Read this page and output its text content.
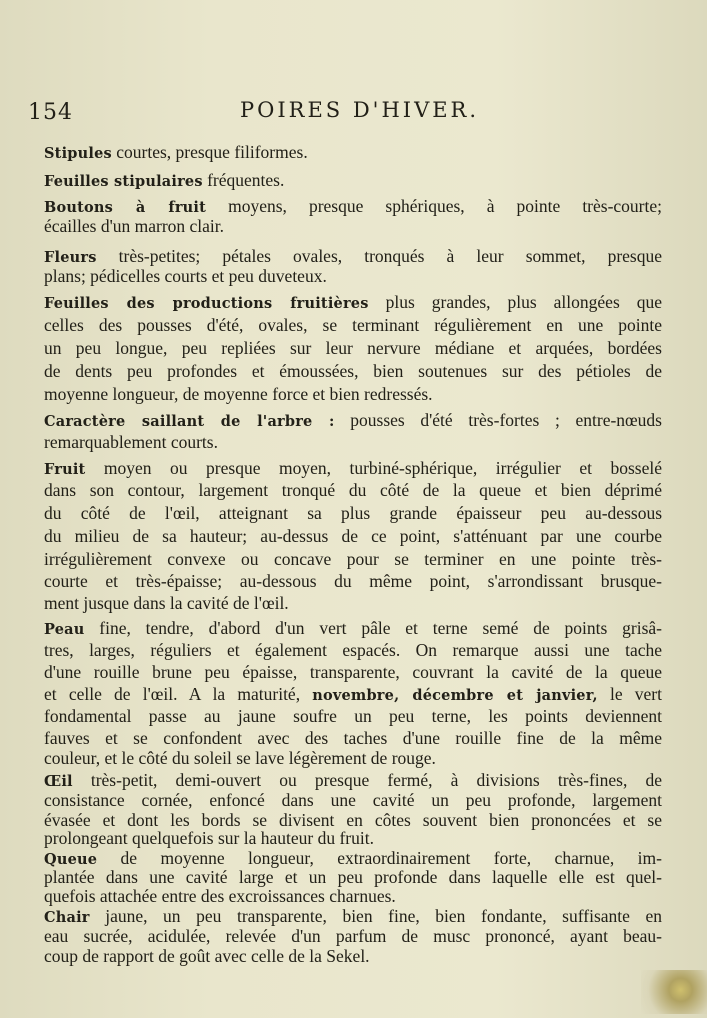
154	POIRES D'HIVER.
Stipules courtes, presque filiformes.
Feuilles stipulaires fréquentes.
Boutons à fruit moyens, presque sphériques, à pointe très-courte;
écailles d'un marron clair.
Fleurs très-petites; pétales ovales, tronqués à leur sommet, presque
plans; pédicelles courts et peu duveteux.
Feuilles des productions fruitières plus grandes, plus allongées que
celles des pousses d'été, ovales, se terminant régulièrement en une pointe
un peu longue, peu repliées sur leur nervure médiane et arquées, bordées
de dents peu profondes et émoussées, bien soutenues sur des pétioles de
moyenne longueur, de moyenne force et bien redressés.
Caractère saillant de l'arbre : pousses d'été très-fortes ; entre-nœuds
remarquablement courts.
Fruit moyen ou presque moyen, turbiné-sphérique, irrégulier et bosselé
dans son contour, largement tronqué du côté de la queue et bien déprimé
du côté de l'œil, atteignant sa plus grande épaisseur peu au-dessous
du milieu de sa hauteur; au-dessus de ce point, s'atténuant par une courbe
irrégulièrement convexe ou concave pour se terminer en une pointe très-
courte et très-épaisse; au-dessous du même point, s'arrondissant brusque-
ment jusque dans la cavité de l'œil.
Peau fine, tendre, d'abord d'un vert pâle et terne semé de points grisâ-
tres, larges, réguliers et également espacés. On remarque aussi une tache
d'une rouille brune peu épaisse, transparente, couvrant la cavité de la queue
et celle de l'œil. A la maturité, novembre, décembre et janvier, le vert
fondamental passe au jaune soufre un peu terne, les points deviennent
fauves et se confondent avec des taches d'une rouille fine de la même
couleur, et le côté du soleil se lave légèrement de rouge.
Œil très-petit, demi-ouvert ou presque fermé, à divisions très-fines, de
consistance cornée, enfoncé dans une cavité un peu profonde, largement
évasée et dont les bords se divisent en côtes souvent bien prononcées et se
prolongeant quelquefois sur la hauteur du fruit.
Queue de moyenne longueur, extraordinairement forte, charnue, im-
plantée dans une cavité large et un peu profonde dans laquelle elle est quel-
quefois attachée entre des excroissances charnues.
Chair jaune, un peu transparente, bien fine, bien fondante, suffisante en
eau sucrée, acidulée, relevée d'un parfum de musc prononcé, ayant beau-
coup de rapport de goût avec celle de la Sekel.
